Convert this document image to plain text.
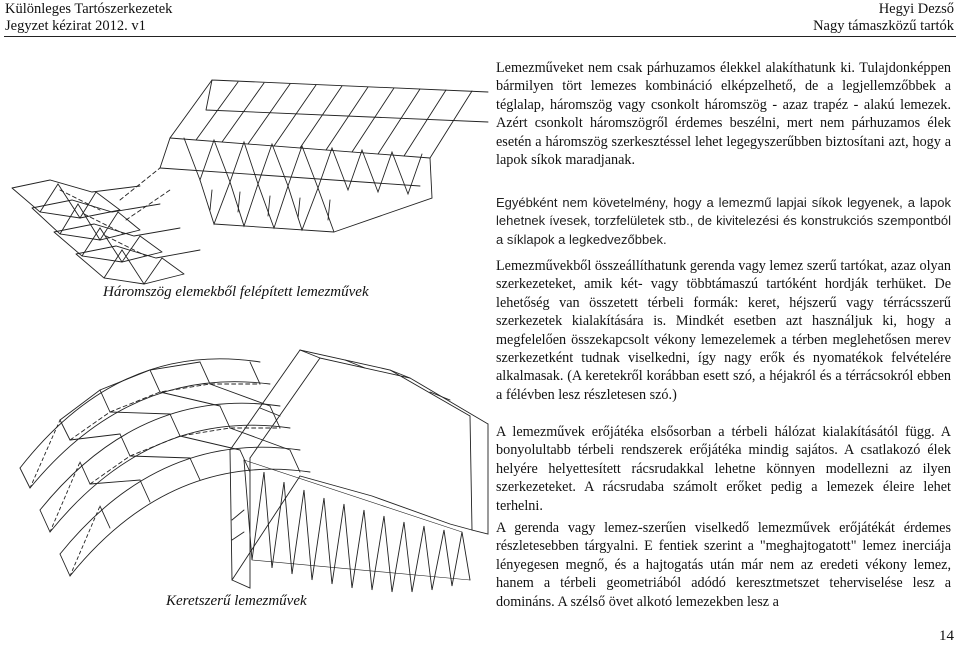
Különleges Tartószerkezetek
Jegyzet kézirat 2012. v1
Hegyi Dezső
Nagy támaszközű tartók
Háromszög elemekből felépített lemezművek
Keretszerű lemezművek
Lemezműveket nem csak párhuzamos élekkel alakíthatunk ki. Tulajdonképpen bármilyen tört lemezes kombináció elképzelhető, de a legjellemzőbbek a téglalap, háromszög vagy csonkolt háromszög - azaz trapéz - alakú lemezek. Azért csonkolt háromszögről érdemes beszélni, mert nem párhuzamos élek esetén a háromszög szerkesztéssel lehet legegyszerűbben biztosítani azt, hogy a lapok síkok maradjanak.
Egyébként nem követelmény, hogy a lemezmű lapjai síkok legyenek, a lapok lehetnek ívesek, torzfelületek stb., de kivitelezési és konstrukciós szempontból a síklapok a legkedvezőbbek.
Lemezművekből összeállíthatunk gerenda vagy lemez szerű tartókat, azaz olyan szerkezeteket, amik két- vagy többtámaszú tartóként hordják terhüket. De lehetőség van összetett térbeli formák: keret, héjszerű vagy térrácsszerű szerkezetek kialakítására is. Mindkét esetben azt használjuk ki, hogy a megfelelően összekapcsolt vékony lemezelemek a térben meglehetősen merev szerkezetként tudnak viselkedni, így nagy erők és nyomatékok felvételére alkalmasak. (A keretekről korábban esett szó, a héjakról és a térrácsokról ebben a félévben lesz részletesen szó.)
A lemezművek erőjátéka elsősorban a térbeli hálózat kialakításától függ. A bonyolultabb térbeli rendszerek erőjátéka mindig sajátos. A csatlakozó élek helyére helyettesített rácsrudakkal lehetne könnyen modellezni az ilyen szerkezeteket. A rácsrudaba számolt erőket pedig a lemezek éleire lehet terhelni.
A gerenda vagy lemez-szerűen viselkedő lemezművek erőjátékát érdemes részletesebben tárgyalni. E fentiek szerint a "meghajtogatott" lemez inerciája lényegesen megnő, és a hajtogatás után már nem az eredeti vékony lemez, hanem a térbeli geometriából adódó keresztmetszet teherviselése lesz a domináns. A szélső övet alkotó lemezekben lesz a
14
